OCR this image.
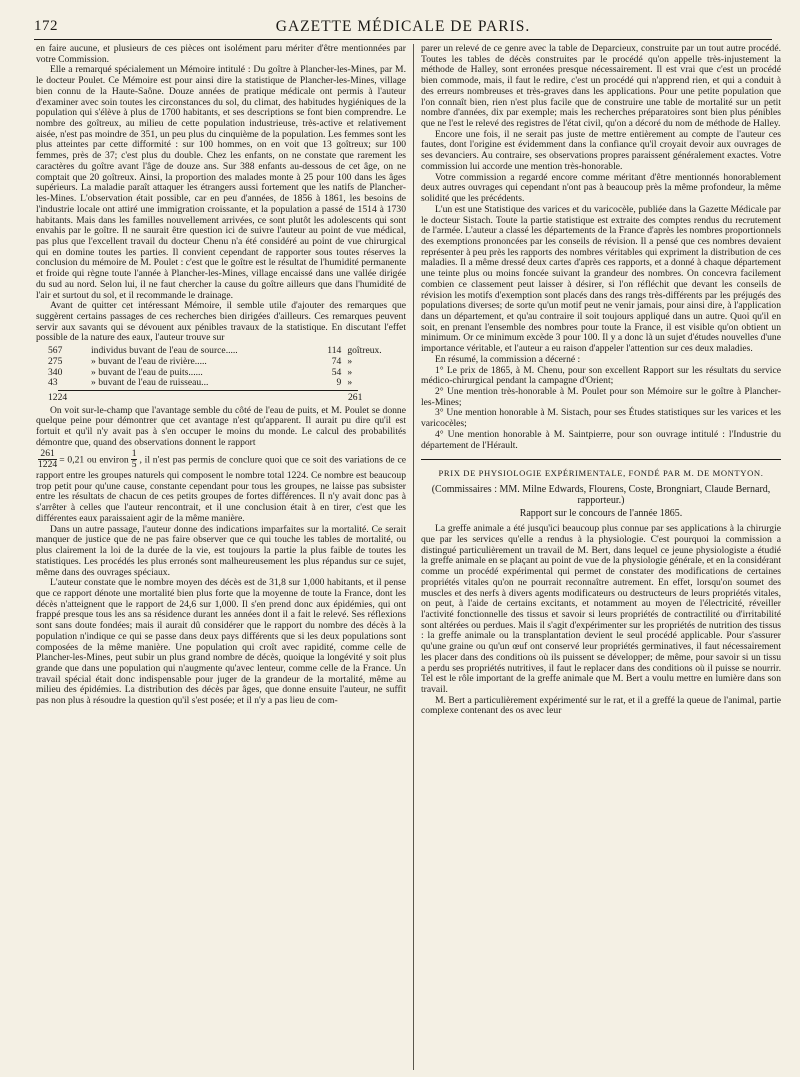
172	GAZETTE MÉDICALE DE PARIS.

en faire aucune, et plusieurs de ces pièces ont isolément paru mériter d'être mentionnées par votre Commission.

Elle a remarqué spécialement un Mémoire intitulé : Du goître à Plancher-les-Mines, par M. le docteur Poulet. Ce Mémoire est pour ainsi dire la statistique de Plancher-les-Mines, village bien connu de la Haute-Saône. Douze années de pratique médicale ont permis à l'auteur d'examiner avec soin toutes les circonstances du sol, du climat, des habitudes hygiéniques de la population qui s'élève à plus de 1700 habitants, et ses descriptions se font bien comprendre. Le nombre des goîtreux, au milieu de cette population industrieuse, très-active et relativement aisée, n'est pas moindre de 351, un peu plus du cinquième de la population. Les femmes sont les plus atteintes par cette difformité : sur 100 hommes, on en voit que 13 goîtreux; sur 100 femmes, près de 37; c'est plus du double. Chez les enfants, on ne constate que rarement les caractères du goître avant l'âge de douze ans. Sur 388 enfants au-dessous de cet âge, on ne comptait que 20 goîtreux. Ainsi, la proportion des malades monte à 25 pour 100 dans les âges supérieurs. La maladie paraît attaquer les étrangers aussi fortement que les natifs de Plancher-les-Mines. L'observation était possible, car en peu d'années, de 1856 à 1861, les besoins de l'industrie locale ont attiré une immigration croissante, et la population a passé de 1514 à 1730 habitants. Mais dans les familles nouvellement arrivées, ce sont plutôt les adolescents qui sont envahis par le goître. Il ne saurait être question ici de suivre l'auteur au point de vue médical, pas plus que l'excellent travail du docteur Chenu n'a été considéré au point de vue chirurgical qui en domine toutes les parties. Il convient cependant de rapporter sous toutes réserves la conclusion du mémoire de M. Poulet : c'est que le goître est le résultat de l'humidité permanente et froide qui règne toute l'année à Plancher-les-Mines, village encaissé dans une vallée dirigée du sud au nord. Selon lui, il ne faut chercher la cause du goître ailleurs que dans l'humidité de l'air et surtout du sol, et il recommande le drainage.

Avant de quitter cet intéressant Mémoire, il semble utile d'ajouter des remarques que suggèrent certains passages de ces recherches bien dirigées d'ailleurs. Ces remarques peuvent servir aux savants qui se dévouent aux pénibles travaux de la statistique. En discutant l'effet possible de la nature des eaux, l'auteur trouve sur

567	individus buvant de l'eau de source.....	114 goîtreux.
275	» buvant de l'eau de rivière.....	74 »
340	» buvant de l'eau de puits......	54 »
43	» buvant de l'eau de ruisseau...	9 »
1224	261

On voit sur-le-champ que l'avantage semble du côté de l'eau de puits, et M. Poulet se donne quelque peine pour démontrer que cet avantage n'est qu'apparent. Il aurait pu dire qu'il est fortuit et qu'il n'y avait pas à s'en occuper le moins du monde. Le calcul des probabilités démontre que, quand des observations donnent le rapport

$\frac{261}{1224} = 0,21$ ou environ $\frac{1}{5}$ , il n'est pas permis de conclure quoi que ce soit des variations de ce rapport entre les groupes naturels qui composent le nombre total 1224. Ce nombre est beaucoup trop petit pour qu'une cause, constante cependant pour tous les groupes, ne laisse pas subsister entre les résultats de chacun de ces petits groupes de fortes différences. Il n'y avait donc pas à s'arrêter à celles que l'auteur rencontrait, et il une conclusion était à en tirer, c'est que les différentes eaux paraissaient agir de la même manière.

Dans un autre passage, l'auteur donne des indications imparfaites sur la mortalité. Ce serait manquer de justice que de ne pas faire observer que ce qui touche les tables de mortalité, ou plus clairement la loi de la durée de la vie, est toujours la partie la plus faible de toutes les statistiques. Les procédés les plus erronés sont malheureusement les plus répandus sur ce sujet, même dans des ouvrages spéciaux.

L'auteur constate que le nombre moyen des décès est de 31,8 sur 1,000 habitants, et il pense que ce rapport dénote une mortalité bien plus forte que la moyenne de toute la France, dont les décès n'atteignent que le rapport de 24,6 sur 1,000. Il s'en prend donc aux épidémies, qui ont frappé presque tous les ans sa résidence durant les années dont il a fait le relevé. Ses réflexions sont sans doute fondées; mais il aurait dû considérer que le rapport du nombre des décès à la population n'indique ce qui se passe dans deux pays différents que si les deux populations sont composées de la même manière. Une population qui croît avec rapidité, comme celle de Plancher-les-Mines, peut subir un plus grand nombre de décès, quoique la longévité y soit plus grande que dans une population qui n'augmente qu'avec lenteur, comme celle de la France. Un travail spécial était donc indispensable pour juger de la grandeur de la mortalité, même au milieu des épidémies. La distribution des décès par âges, que donne ensuite l'auteur, ne suffit pas non plus à résoudre la question qu'il s'est posée; et il n'y a pas lieu de com-

parer un relevé de ce genre avec la table de Deparcieux, construite par un tout autre procédé. Toutes les tables de décès construites par le procédé qu'on appelle très-injustement la méthode de Halley, sont erronées presque nécessairement. Il est vrai que c'est un procédé bien commode, mais, il faut le redire, c'est un procédé qui n'apprend rien, et qui a conduit à des erreurs nombreuses et très-graves dans les applications. Pour une petite population que l'on connaît bien, rien n'est plus facile que de construire une table de mortalité sur un petit nombre d'années, dix par exemple; mais les recherches préparatoires sont bien plus pénibles que ne l'est le relevé des registres de l'état civil, qu'on a décoré du nom de méthode de Halley.

Encore une fois, il ne serait pas juste de mettre entièrement au compte de l'auteur ces fautes, dont l'origine est évidemment dans la confiance qu'il croyait devoir aux ouvrages de ses devanciers. Au contraire, ses observations propres paraissent généralement exactes. Votre commission lui accorde une mention très-honorable.

Votre commission a regardé encore comme méritant d'être mentionnés honorablement deux autres ouvrages qui cependant n'ont pas à beaucoup près la même profondeur, la même solidité que les précédents.

L'un est une Statistique des varices et du varicocèle, publiée dans la Gazette Médicale par le docteur Sistach. Toute la partie statistique est extraite des comptes rendus du recrutement de l'armée. L'auteur a classé les départements de la France d'après les nombres proportionnels des exemptions prononcées par les conseils de révision. Il a pensé que ces nombres devaient représenter à peu près les rapports des nombres véritables qui expriment la distribution de ces maladies. Il a même dressé deux cartes d'après ces rapports, et a donné à chaque département une teinte plus ou moins foncée suivant la grandeur des nombres. On concevra facilement combien ce classement peut laisser à désirer, si l'on réfléchit que devant les conseils de révision les motifs d'exemption sont placés dans des rangs très-différents par les préjugés des populations diverses; de sorte qu'un motif peut ne venir jamais, pour ainsi dire, à l'application dans un département, et qu'au contraire il soit toujours appliqué dans un autre. Quoi qu'il en soit, en prenant l'ensemble des nombres pour toute la France, il est visible qu'on obtient un minimum. Or ce minimum excède 3 pour 100. Il y a donc là un sujet d'études nouvelles d'une importance véritable, et l'auteur a eu raison d'appeler l'attention sur ces deux maladies.

En résumé, la commission a décerné :

1° Le prix de 1865, à M. Chenu, pour son excellent Rapport sur les résultats du service médico-chirurgical pendant la campagne d'Orient;

2° Une mention très-honorable à M. Poulet pour son Mémoire sur le goître à Plancher-les-Mines;

3° Une mention honorable à M. Sistach, pour ses Études statistiques sur les varices et les varicocèles;

4° Une mention honorable à M. Saintpierre, pour son ouvrage intitulé : l'Industrie du département de l'Hérault.

PRIX DE PHYSIOLOGIE EXPÉRIMENTALE, FONDÉ PAR M. DE MONTYON.

(Commissaires : MM. Milne Edwards, Flourens, Coste, Brongniart, Claude Bernard, rapporteur.)

Rapport sur le concours de l'année 1865.

La greffe animale a été jusqu'ici beaucoup plus connue par ses applications à la chirurgie que par les services qu'elle a rendus à la physiologie. C'est pourquoi la commission a distingué particulièrement un travail de M. Bert, dans lequel ce jeune physiologiste a étudié la greffe animale en se plaçant au point de vue de la physiologie générale, et en la considérant comme un procédé expérimental qui permet de constater des modifications de certaines propriétés vitales qu'on ne pourrait reconnaître autrement. En effet, lorsqu'on soumet des muscles et des nerfs à divers agents modificateurs ou destructeurs de leurs propriétés vitales, on peut, à l'aide de certains excitants, et notamment au moyen de l'électricité, réveiller l'activité fonctionnelle des tissus et savoir si leurs propriétés de contractilité ou d'irritabilité sont altérées ou perdues. Mais il s'agit d'expérimenter sur les propriétés de nutrition des tissus : la greffe animale ou la transplantation devient le seul procédé applicable. Pour s'assurer qu'une graine ou qu'un œuf ont conservé leur propriétés germinatives, il faut nécessairement les placer dans des conditions où ils puissent se développer; de même, pour savoir si un tissu a perdu ses propriétés nutritives, il faut le replacer dans des conditions où il puisse se nourrir. Tel est le rôle important de la greffe animale que M. Bert a voulu mettre en lumière dans son travail.

M. Bert a particulièrement expérimenté sur le rat, et il a greffé la queue de l'animal, partie complexe contenant des os avec leur
